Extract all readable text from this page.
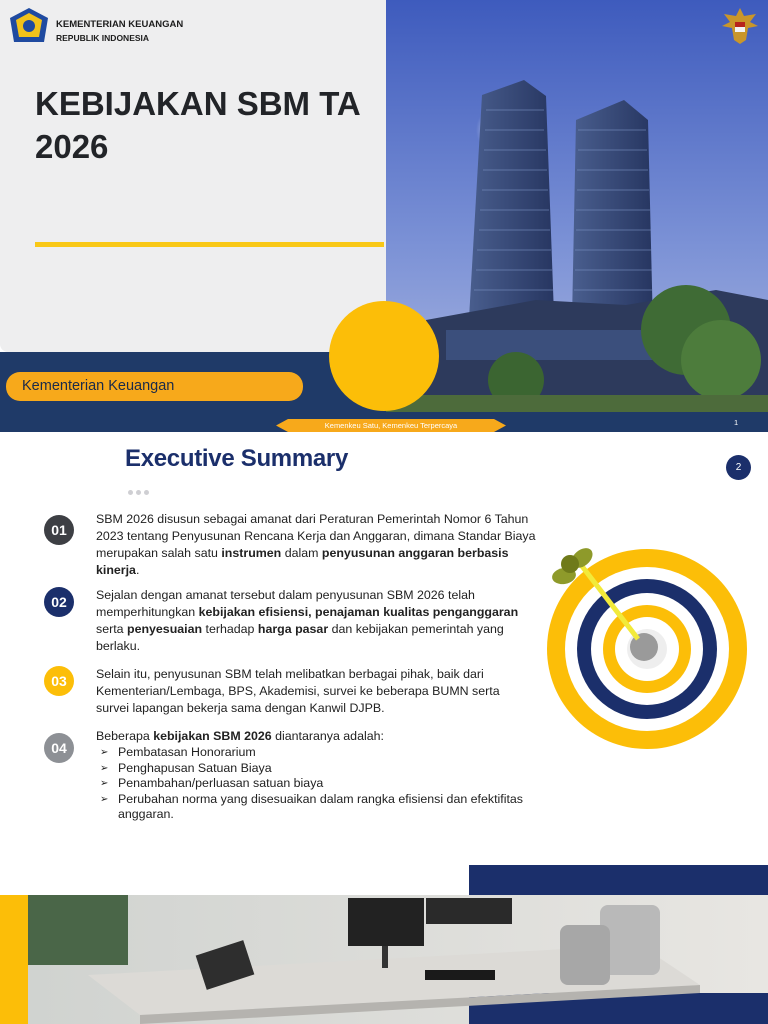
KEMENTERIAN KEUANGAN
REPUBLIK INDONESIA
KEBIJAKAN SBM TA 2026
Kementerian Keuangan
Kemenkeu Satu, Kemenkeu Terpercaya	1
Executive Summary	2
01
SBM 2026 disusun sebagai amanat dari Peraturan Pemerintah Nomor 6 Tahun 2023 tentang Penyusunan Rencana Kerja dan Anggaran, dimana Standar Biaya merupakan salah satu instrumen dalam penyusunan anggaran berbasis kinerja.
02	Sejalan dengan amanat tersebut dalam penyusunan SBM 2026 telah memperhitungkan kebijakan efisiensi, penajaman kualitas penganggaran serta penyesuaian terhadap harga pasar dan kebijakan pemerintah yang berlaku.
03	Selain itu, penyusunan SBM telah melibatkan berbagai pihak, baik dari Kementerian/Lembaga, BPS, Akademisi, survei ke beberapa BUMN serta survei lapangan bekerja sama dengan Kanwil DJPB.
04
Beberapa kebijakan SBM 2026 diantaranya adalah:
➢ Pembatasan Honorarium
➢ Penghapusan Satuan Biaya
➢ Penambahan/perluasan satuan biaya
➢ Perubahan norma yang disesuaikan dalam rangka efisiensi dan efektifitas anggaran.
